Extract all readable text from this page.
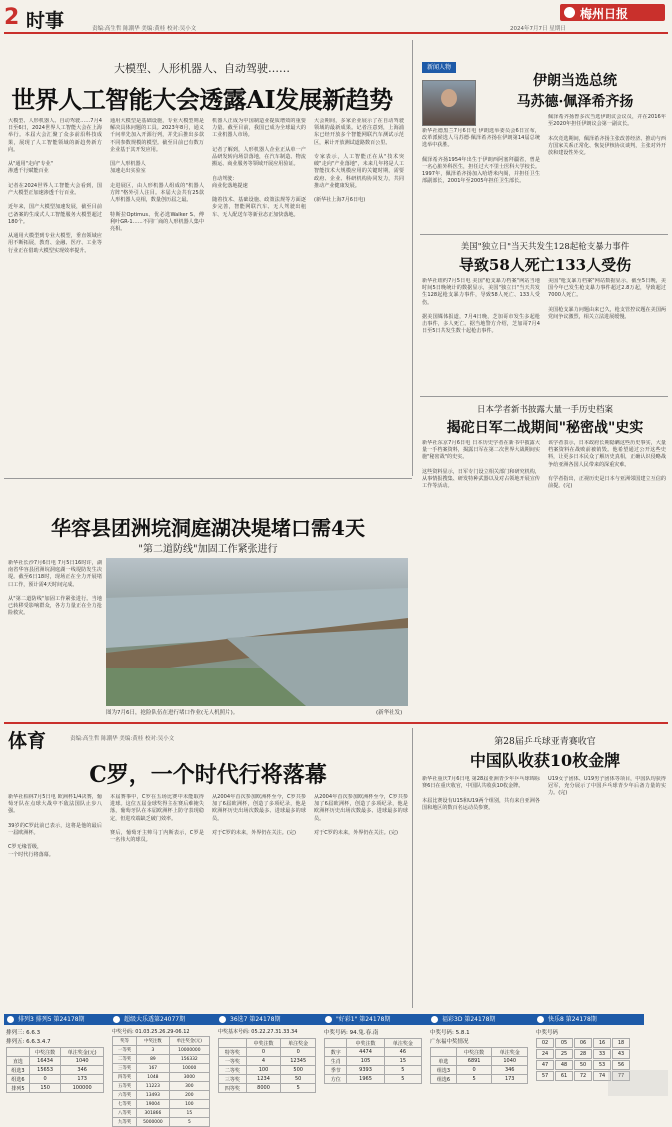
2 时事	责编:高生哲 陈潮华 美编:黄桂 校对:吴小文	2024年7月7日 星期日
梅州日报
大模型、人形机器人、自动驾驶……
世界人工智能大会透露AI发展新趋势
大模型、人形机器人、自动驾驶……7月4日至6日，2024世界人工智能大会在上海举行。本届大会汇聚了众多前沿科技成果，展现了人工智能领域的新趋势新方向。

从"通用"走向"专业"
渗透千行赋能百业

记者在2024世界人工智能大会看到，国产大模型正加速渗透千行百业。

近年来，国产大模型加速发展，截至目前已备案的生成式人工智能服务大模型超过180个。

从通用大模型到专业大模型，垂直领域应用不断拓展，教育、金融、医疗、工业等行业正在借助大模型实现效率提升。
通用大模型是基础设施，专业大模型则是解决具体问题的工具。2023年8月，通义千问率先加入开源行列，并先后推出多款不同参数规模的模型。截至目前已有数万企业基于其开发应用。

国产人形机器人
加速走出实验室

走进展区，由人形机器人组成的"机器人方阵"格外引人注目。本届大会共有25款人形机器人亮相，数量创历届之最。

特斯拉Optimus、优必选Walker S、傅利叶GR-1……不同厂商的人形机器人集中亮相。
机器人正成为中国制造业提质增效的重要力量。截至目前，我国已成为全球最大的工业机器人市场。

记者了解到，人形机器人企业正从单一产品研发转向场景落地，在汽车制造、物流搬运、商业服务等领域开展应用验证。

自动驾驶：
商业化落地提速

随着技术、基础设施、政策法规等方面逐步完善，智能网联汽车、无人驾驶出租车、无人配送车等新业态正加快落地。
大会期间，多家企业展示了在自动驾驶领域的最新成果。记者注意到，上海浦东已经开放多个智能网联汽车测试示范区，累计开放测试道路数百公里。

专家表示，人工智能正在从"技术突破"走向"产业落地"，未来几年将是人工智能技术大规模应用的关键时期，需要政府、企业、科研机构协同发力，共同推动产业健康发展。

(新华社上海7月6日电)
新闻人物
伊朗当选总统
马苏德·佩泽希齐扬
新华社德黑兰7月6日电 伊朗选举委员会6日宣布，改革派候选人马苏德·佩泽希齐扬在伊朗第14届总统选举中获胜。

佩泽希齐扬1954年出生于伊朗西阿塞拜疆省，曾是一名心脏外科医生，担任过大不里士医科大学校长。1997年，佩泽希齐扬加入哈塔米内阁，并担任卫生部副部长，2001年至2005年担任卫生部长。
佩泽希齐扬曾多次当选伊朗议会议员，并在2016年至2020年担任伊朗议会第一副议长。

本次竞选期间，佩泽希齐扬主张改善经济、推动与西方国家关系正常化、恢复伊核协议谈判，主张对外开放和建设性外交。
美国"独立日"当天共发生128起枪支暴力事件
导致58人死亡133人受伤
新华社纽约7月5日电 美国"枪支暴力档案"网站当地时间5日晚统计的数据显示，美国"独立日"当天共发生128起枪支暴力事件，导致58人死亡、133人受伤。

据美国媒体报道，7月4日晚，芝加哥市发生多起枪击事件，多人死亡。据当地警方介绍，芝加哥7月4日至5日共发生数十起枪击事件。
美国"枪支暴力档案"网站数据显示，截至5日晚，美国今年已发生枪支暴力事件超过2.8万起，导致超过7000人死亡。

美国枪支暴力问题由来已久，枪支管控议题在美国两党间争议激烈，相关立法进展缓慢。
日本学者新书披露大量一手历史档案
揭砣日军二战期间"秘密战"史实
新华社东京7月6日电 日本历史学者在新书中披露大量一手档案资料，揭露日军在第二次世界大战期间实施"秘密战"的史实。

这些资料显示，日军专门设立相关部门和研究机构，从事情报搜集、研发特种武器以及对占领地开展宣传工作等活动。
该学者表示，日本政府长期隐瞒这些历史事实，大量档案资料在战败前被销毁。他希望通过公开这些史料，让更多日本民众了解历史真相，正确认识侵略战争给亚洲各国人民带来的深重灾难。

有学者指出，正视历史是日本与亚洲邻国建立互信的前提。(完)
华容县团洲垸洞庭湖决堤堵口需4天
"第二道防线"加固工作紧张进行
新华社长沙7月6日电 7月5日16时许，湖南省华容县团洲垸洞庭湖一线堤防发生决堤。截至6日18时，现场正在全力开展堵口工作，预计需4天时间完成。

从"第二道防线"加固工作紧张进行。当地已转移受影响群众，各方力量正在全力抢险救灾。
图为7月6日，抢险队伍在进行堵口作业(无人机照片)。	(新华社发)
体育	责编:高生哲 陈潮华 美编:黄桂 校对:吴小文
C罗，一个时代行将落幕
新华社柏林7月5日电 欧洲杯1/4决赛，葡萄牙队在点球大战中不敌法国队止步八强。

39岁的C罗此前已表示，这将是他的最后一届欧洲杯。

C罗无缘晋级，
一个时代行将落幕。
本届赛事中，C罗在五场比赛中未能取得进球。这位五届金球奖得主在赛后难掩失落，葡萄牙队在本届欧洲杯上防守表现稳定，但进攻端缺乏破门效率。

赛后，葡萄牙主帅马丁内斯表示，C罗是一名伟大的球员。
从2004年首次参加欧洲杯至今，C罗共参加了6届欧洲杯，创造了多项纪录，他是欧洲杯历史出场次数最多、进球最多的球员。

对于C罗的未来，外界仍在关注。(完)
从2004年首次参加欧洲杯至今，C罗共参加了6届欧洲杯，创造了多项纪录，他是欧洲杯历史出场次数最多、进球最多的球员。

对于C罗的未来，外界仍在关注。(完)
第28届乒乓球亚青赛收官
中国队收获10枚金牌
新华社重庆7月6日电 第28届亚洲青少年乒乓球锦标赛6日在重庆收官，中国队共收获10枚金牌。

本届比赛设有U15和U19两个组别，共有来自亚洲各国和地区的数百名运动员参赛。
U19女子团体、U19男子团体等项目，中国队均获得冠军，充分展示了中国乒乓球青少年后备力量的实力。(完)
排列3 排列5 第24178期	超级大乐透第24077期	36选7 第24178期	"好彩1" 第24178期	福彩3D 第24178期	快乐8 第24178期
排列三: 6.6.3
排列五: 6.6.3.4.7
	中奖注数	单注奖金(元)
直选	16434	1040
组选3	15653	346
组选6	0	173
排列5	150	100000
中奖号码: 01.03.25.26.29-06.12
奖等	中奖注数	单注奖金(元)
一等奖	3	10000000
二等奖	89	156332
三等奖	167	10000
四等奖	1048	3000
五等奖	11223	300
六等奖	13493	200
七等奖	19004	100
八等奖	301866	15
九等奖	5000000	5
中奖基本号码: 05.22.27.31.33.34
	中奖注数	单注奖金
特等奖	0	0
一等奖	4	12345
二等奖	100	500
三等奖	1234	50
四等奖	8000	5
中奖号码: 94.兔.春.南
	中奖注数	单注奖金
数字	4474	46
生肖	105	15
季节	9393	5
方位	1965	5
中奖号码: 5.8.1
广东福中奖情况
	中奖注数	单注奖金
单选	6891	1040
组选3	0	346
组选6	5	173
中奖号码
02	05	06	16	18
24	25	28	33	43
47	48	50	53	56
57	61	72	74	77
